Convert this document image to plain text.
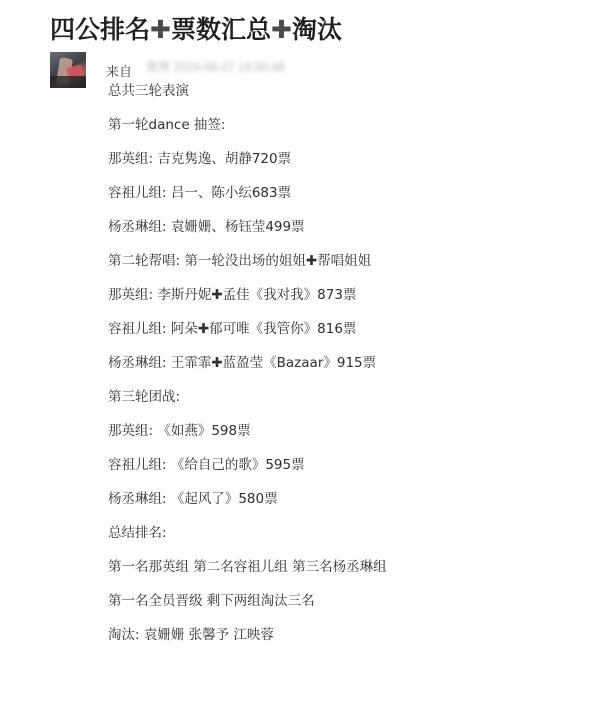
四公排名✚票数汇总✚淘汰
来自 微博 2024-06-27 18:00:48

总共三轮表演

第一轮dance 抽签:

那英组: 吉克隽逸、胡静720票

容祖儿组: 吕一、陈小纭683票

杨丞琳组: 袁姗姗、杨钰莹499票

第二轮帮唱: 第一轮没出场的姐姐✚帮唱姐姐

那英组: 李斯丹妮✚孟佳《我对我》873票

容祖儿组: 阿朵✚郁可唯《我管你》816票

杨丞琳组: 王霏霏✚蓝盈莹《Bazaar》915票

第三轮团战:

那英组: 《如燕》598票

容祖儿组: 《给自己的歌》595票

杨丞琳组: 《起风了》580票

总结排名:

第一名那英组 第二名容祖儿组 第三名杨丞琳组

第一名全员晋级 剩下两组淘汰三名

淘汰: 袁姗姗 张馨予 江映蓉
